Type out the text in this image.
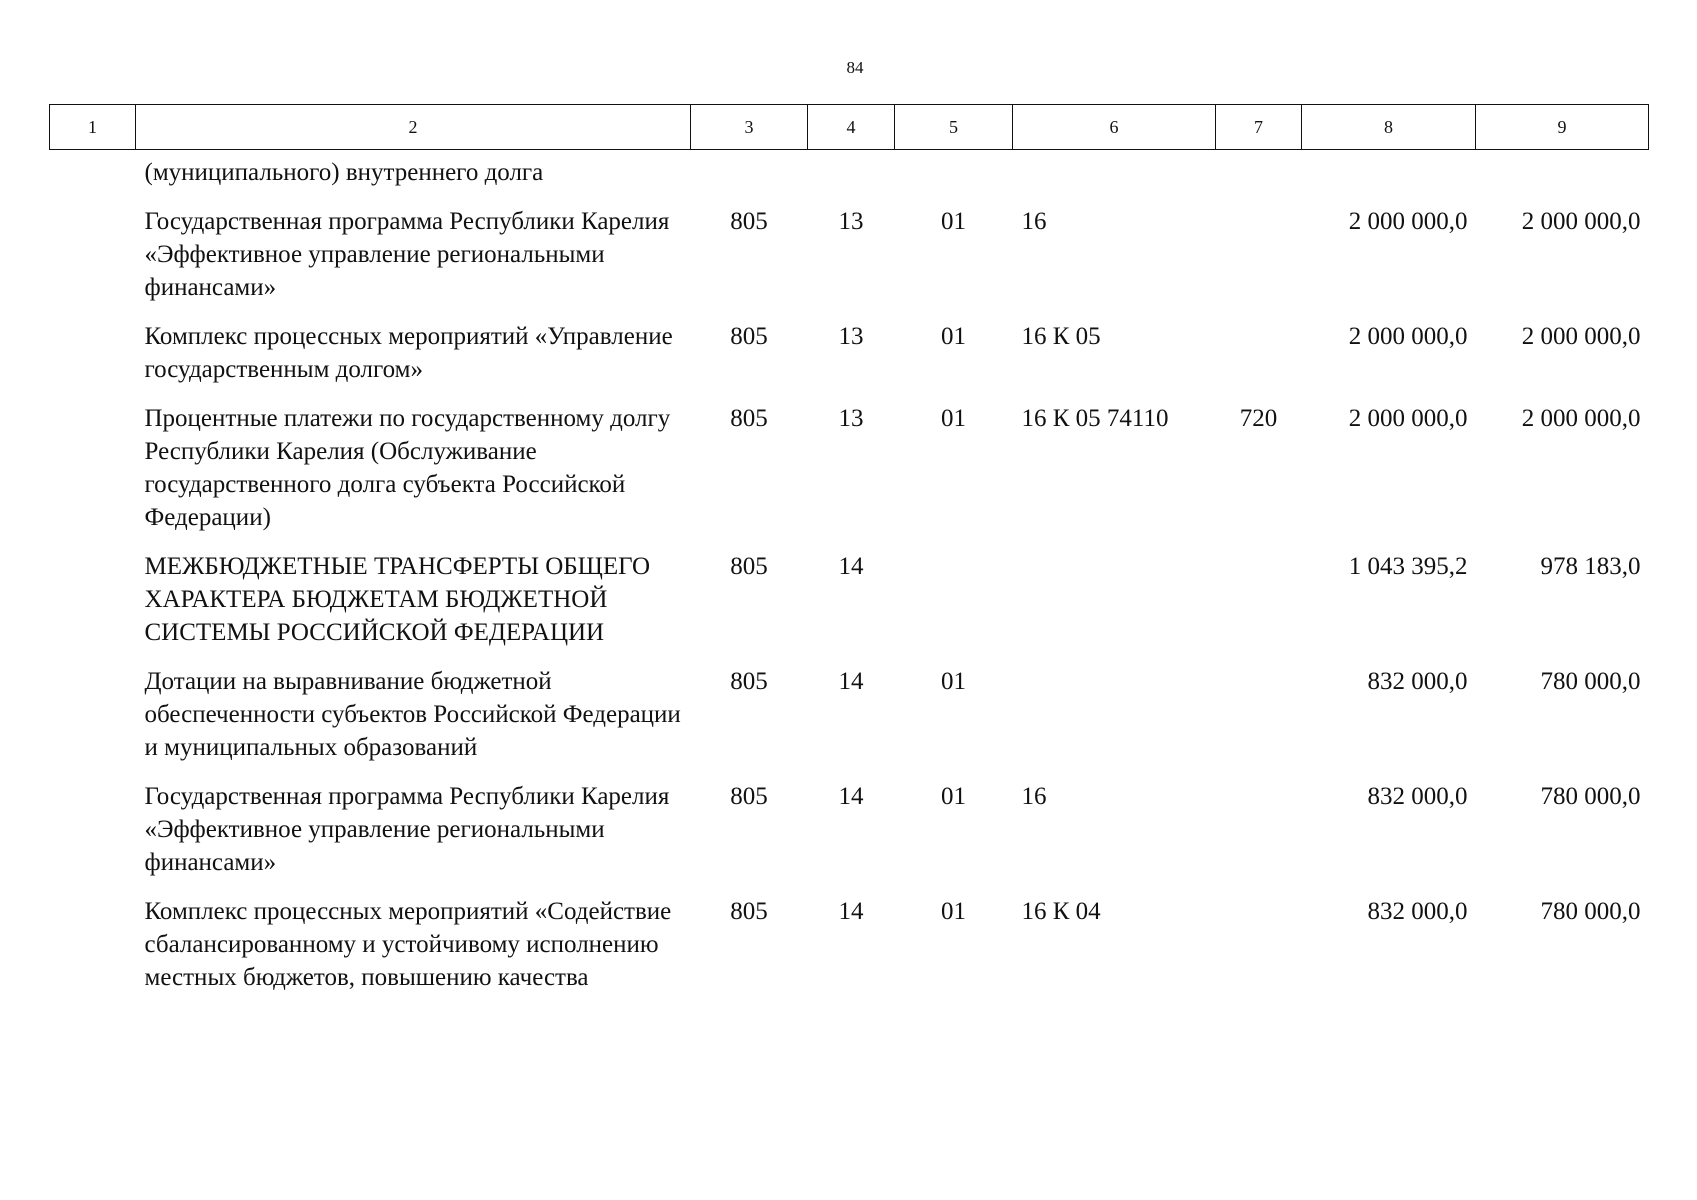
84
1	2	3	4	5	6	7	8	9
	(муниципального) внутреннего долга							
	Государственная программа Республики Карелия «Эффективное управление региональными финансами»	805	13	01	16		2 000 000,0	2 000 000,0
	Комплекс процессных мероприятий «Управление государственным долгом»	805	13	01	16 К 05		2 000 000,0	2 000 000,0
	Процентные платежи по государственному долгу Республики Карелия (Обслуживание государственного долга субъекта Российской Федерации)	805	13	01	16 К 05 74110	720	2 000 000,0	2 000 000,0
	МЕЖБЮДЖЕТНЫЕ ТРАНСФЕРТЫ ОБЩЕГО ХАРАКТЕРА БЮДЖЕТАМ БЮДЖЕТНОЙ СИСТЕМЫ РОССИЙСКОЙ ФЕДЕРАЦИИ	805	14				1 043 395,2	978 183,0
	Дотации на выравнивание бюджетной обеспеченности субъектов Российской Федерации и муниципальных образований	805	14	01			832 000,0	780 000,0
	Государственная программа Республики Карелия «Эффективное управление региональными финансами»	805	14	01	16		832 000,0	780 000,0
	Комплекс процессных мероприятий «Содействие сбалансированному и устойчивому исполнению местных бюджетов, повышению качества	805	14	01	16 К 04		832 000,0	780 000,0
